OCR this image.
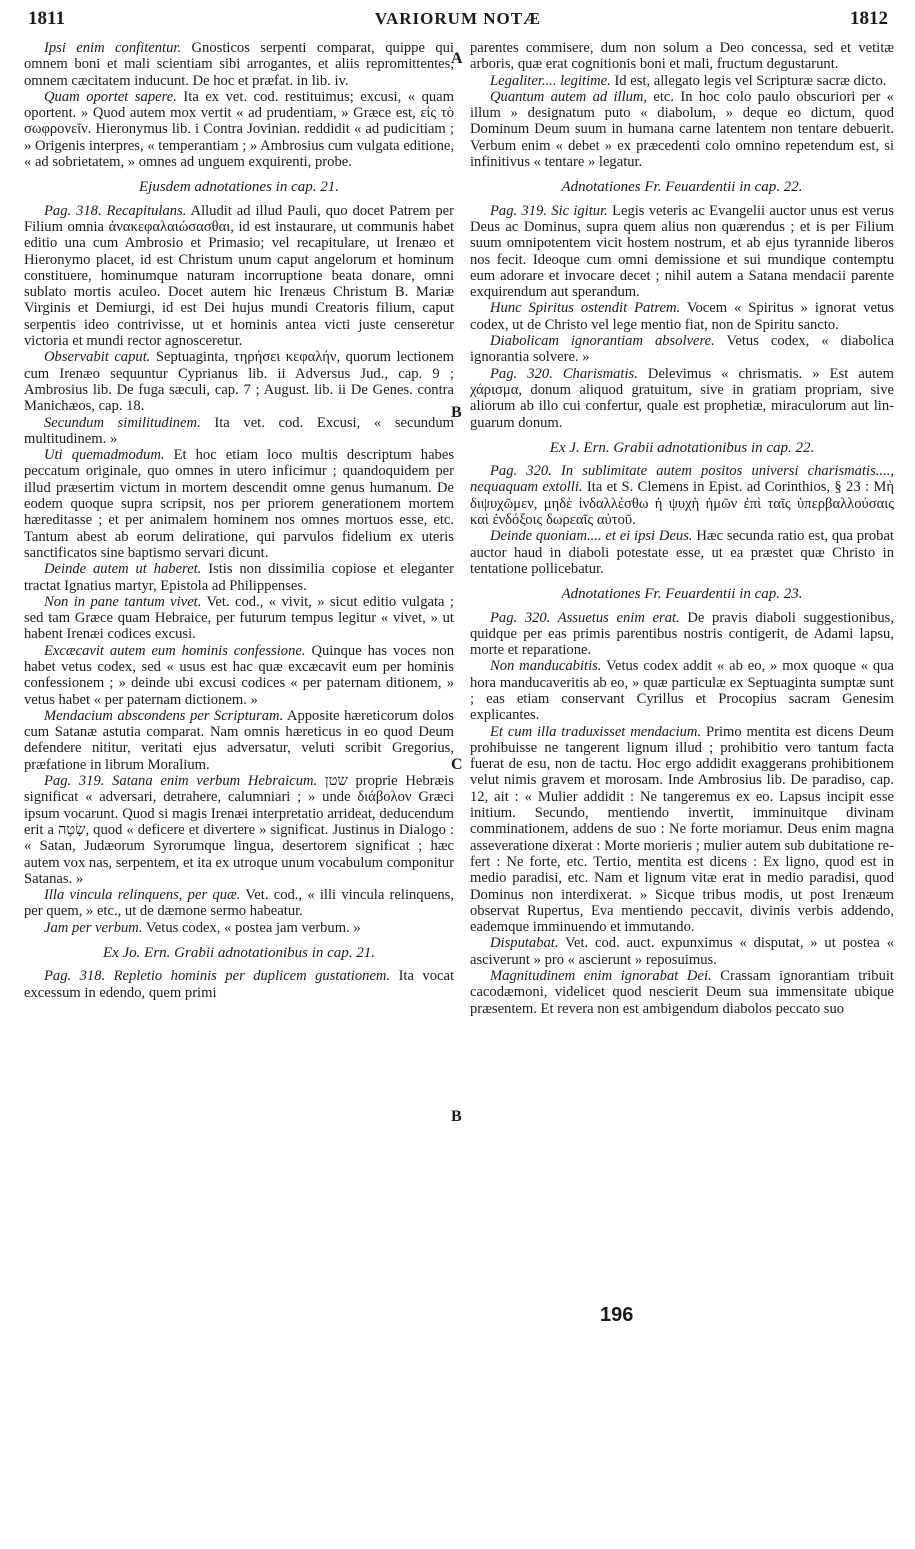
1811	VARIORUM NOTÆ	1812

Ipsi enim confitentur. Gnosticos serpenti comparat, quippe qui omnem boni et mali scientiam sibi arrogantes, et aliis repromittentes, omnem cæcitatem inducunt. De hoc et præfat. in lib. iv.

Quam oportet sapere. Ita ex vet. cod. restituimus; excusi, « quam oportent. » Quod autem mox vertit « ad prudentiam, » Græce est, εἰς τὸ σωφρονεῖν. Hieronymus lib. i Contra Jovinian. reddidit « ad pudicitiam ; » Origenis interpres, « temperantiam ; » Ambrosius cum vulgata editione, « ad sobrietatem, » omnes ad unguem exquirenti, probe.

Ejusdem adnotationes in cap. 21.

Pag. 318. Recapitulans. Alludit ad illud Pauli, quo docet Patrem per Filium omnia ἀνακεφαλαιώσασθαι, id est instaurare, ut communis habet editio una cum Ambrosio et Primasio; vel recapitulare, ut Irenæo et Hieronymo placet, id est Christum unum caput angelorum et hominum constituere, hominumque naturam incorruptione beata donare, omni sublato mortis aculeo. Docet autem hic Irenæus Christum B. Mariæ Virginis et Demiurgi, id est Dei hujus mundi Creatoris filium, caput serpentis ideo contrivisse, ut et hominis antea victi juste censeretur victoria et mundi rector agnosceretur.

Observabit caput. Septuaginta, τηρήσει κεφαλήν, quorum lectionem cum Irenæo sequuntur Cyprianus lib. ii Adversus Jud., cap. 9 ; Ambrosius lib. De fuga sæculi, cap. 7 ; August. lib. ii De Genes. contra Manichæos, cap. 18.

Secundum similitudinem. Ita vet. cod. Excusi, « secundum multitudinem. »

Uti quemadmodum. Et hoc etiam loco multis descriptum habes peccatum originale, quo omnes in utero inficimur ; quandoquidem per illud præsertim victum in mortem descendit omne genus humanum. De eodem quoque supra scripsit, nos per priorem generationem mortem hæreditasse ; et per animalem hominem nos omnes mortuos esse, etc. Tantum abest ab eorum deliratione, qui parvulos fidelium ex uteris sanctificatos sine baptismo servari dicunt.

Deinde autem ut haberet. Istis non dissimilia copiose et eleganter tractat Ignatius martyr, Epistola ad Philippenses.

Non in pane tantum vivet. Vet. cod., « vivit, » sicut editio vulgata ; sed tam Græce quam Hebraice, per futurum tempus legitur « vivet, » ut habent Irenæi codices excusi.

Excæcavit autem eum hominis confessione. Quinque has voces non habet vetus codex, sed « usus est hac quæ excæcavit eum per hominis confessionem ; » deinde ubi excusi codices « per paternam ditionem, » vetus habet « per paternam dictionem. »

Mendacium abscondens per Scripturam. Apposite hæreticorum dolos cum Satanæ astutia comparat. Nam omnis hæreticus in eo quod Deum defendere nititur, veritati ejus adversatur, veluti scribit Gregorius, præfatione in librum Moralium.

Pag. 319. Satana enim verbum Hebraicum. שטן proprie Hebræis significat « adversari, detrahere, calumniari ; » unde διάβολον Græci ipsum vocarunt. Quod si magis Irenæi interpretatio arrideat, deducendum erit a שָׂטָה, quod « deficere et divertere » significat. Justinus in Dialogo : « Satan, Judæorum Syrorumque lingua, desertorem significat ; hæc autem vox nas, serpentem, et ita ex utroque unum vocabulum componitur Satanas. »

Illa vincula relinquens, per quæ. Vet. cod., « illi vincula relinquens, per quem, » etc., ut de dæmone sermo habeatur.

Jam per verbum. Vetus codex, « postea jam verbum. »

Ex Jo. Ern. Grabii adnotationibus in cap. 21.

Pag. 318. Repletio hominis per duplicem gustationem. Ita vocat excessum in edendo, quem primi

parentes commisere, dum non solum a Deo concessa, sed et vetitæ arboris, quæ erat cognitionis boni et mali, fructum degustarunt.

Legaliter.... legitime. Id est, allegato legis vel Scripturæ sacræ dicto.

Quantum autem ad illum, etc. In hoc colo paulo obscuriori per « illum » designatum puto « diabolum, » deque eo dictum, quod Dominum Deum suum in humana carne latentem non tentare debuerit. Verbum enim « debet » ex præcedenti colo omnino repetendum est, si infinitivus « tentare » legatur.

Adnotationes Fr. Feuardentii in cap. 22.

Pag. 319. Sic igitur. Legis veteris ac Evangelii auctor unus est verus Deus ac Dominus, supra quem alius non quærendus ; et is per Filium suum omnipotentem vicit hostem nostrum, et ab ejus tyrannide liberos nos fecit. Ideoque cum omni demissione et sui mundique contemptu eum adorare et invocare decet ; nihil autem a Satana mendacii parente exquirendum aut sperandum.

Hunc Spiritus ostendit Patrem. Vocem « Spiritus » ignorat vetus codex, ut de Christo vel lege mentio fiat, non de Spiritu sancto.

Diabolicam ignorantiam absolvere. Vetus codex, « diabolica ignorantia solvere. »

Pag. 320. Charismatis. Delevimus « chrismatis. » Est autem χάρισμα, donum aliquod gratuitum, sive in gratiam propriam, sive aliorum ab illo cui confertur, quale est prophetiæ, miraculorum aut linguarum donum.

Ex J. Ern. Grabii adnotationibus in cap. 22.

Pag. 320. In sublimitate autem positos universi charismatis...., nequaquam extolli. Ita et S. Clemens in Epist. ad Corinthios, § 23 : Μὴ διψυχῶμεν, μηδὲ ἰνδαλλέσθω ἡ ψυχὴ ἡμῶν ἐπὶ ταῖς ὑπερβαλλούσαις καὶ ἐνδόξοις δωρεαῖς αὐτοῦ.

Deinde quoniam.... et ei ipsi Deus. Hæc secunda ratio est, qua probat auctor haud in diaboli potestate esse, ut ea præstet quæ Christo in tentatione pollicebatur.

Adnotationes Fr. Feuardentii in cap. 23.

Pag. 320. Assuetus enim erat. De pravis diaboli suggestionibus, quidque per eas primis parentibus nostris contigerit, de Adami lapsu, morte et reparatione.

Non manducabitis. Vetus codex addit « ab eo, » mox quoque « qua hora manducaveritis ab eo, » quæ particulæ ex Septuaginta sumptæ sunt ; eas etiam conservant Cyrillus et Procopius sacram Genesim explicantes.

Et cum illa traduxisset mendacium. Primo mentita est dicens Deum prohibuisse ne tangerent lignum illud ; prohibitio vero tantum facta fuerat de esu, non de tactu. Hoc ergo addidit exaggerans prohibitionem velut nimis gravem et morosam. Inde Ambrosius lib. De paradiso, cap. 12, ait : « Mulier addidit : Ne tangeremus ex eo. Lapsus incipit esse initium. Secundo, mentiendo invertit, imminuitque divinam comminationem, addens de suo : Ne forte moriamur. Deus enim magna asseveratione dixerat : Morte morieris ; mulier autem sub dubitatione refert : Ne forte, etc. Tertio, mentita est dicens : Ex ligno, quod est in medio paradisi, etc. Nam et lignum vitæ erat in medio paradisi, quod Dominus non interdixerat. » Sicque tribus modis, ut post Irenæum observat Rupertus, Eva mentiendo peccavit, divinis verbis addendo, eademque imminuendo et immutando.

Disputabat. Vet. cod. auct. expunximus « disputat, » ut postea « asciverunt » pro « ascierunt » reposuimus.

Magnitudinem enim ignorabat Dei. Crassam ignorantiam tribuit cacodæmoni, videlicet quod nescierit Deum sua immensitate ubique præsentem. Et revera non est ambigendum diabolos peccato suo

A
B
C
B
196
